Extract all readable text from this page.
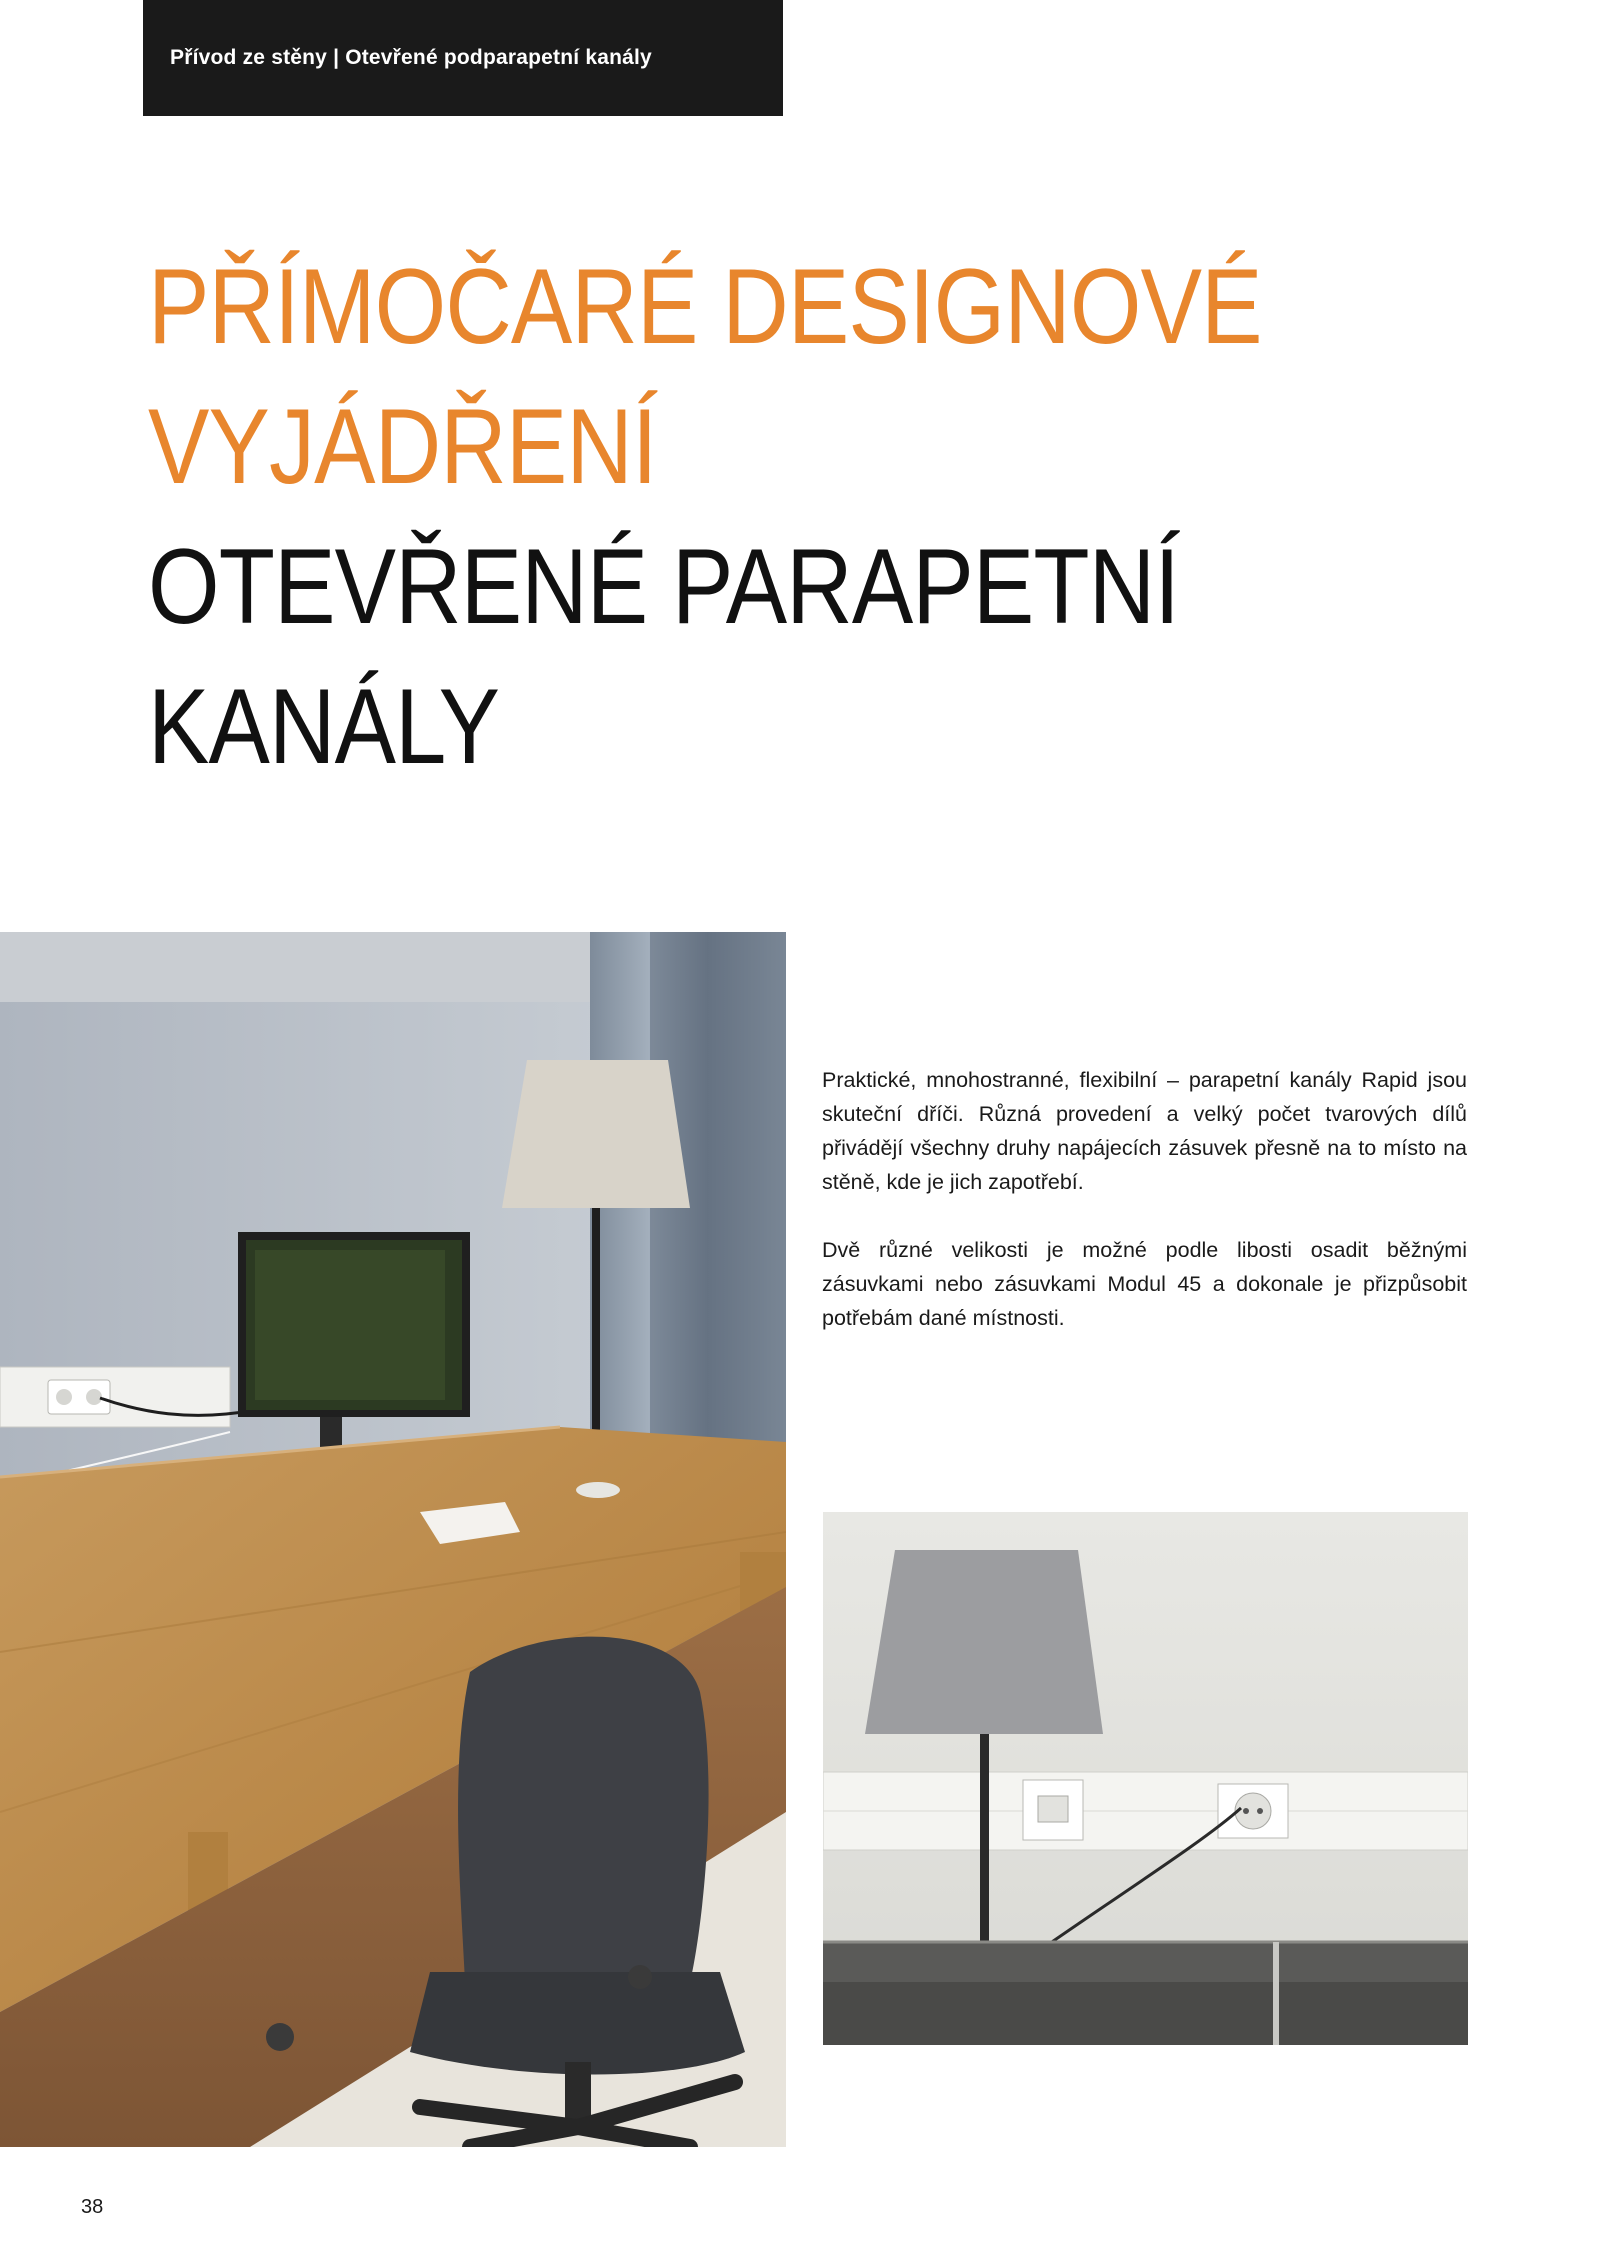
Přívod ze stěny | Otevřené podparapetní kanály
PŘÍMOČARÉ DESIGNOVÉ
VYJÁDŘENÍ
OTEVŘENÉ PARAPETNÍ
KANÁLY

Praktické, mnohostranné, flexibilní – parapetní kanály Rapid jsou skuteční dříči. Různá provedení a velký počet tvarových dílů přivádějí všechny druhy napájecích zásuvek přesně na to místo na stěně, kde je jich zapotřebí.

Dvě různé velikosti je možné podle libosti osadit běžnými zásuvkami nebo zásuvkami Modul 45 a dokonale je přizpůsobit potřebám dané místnosti.

38
